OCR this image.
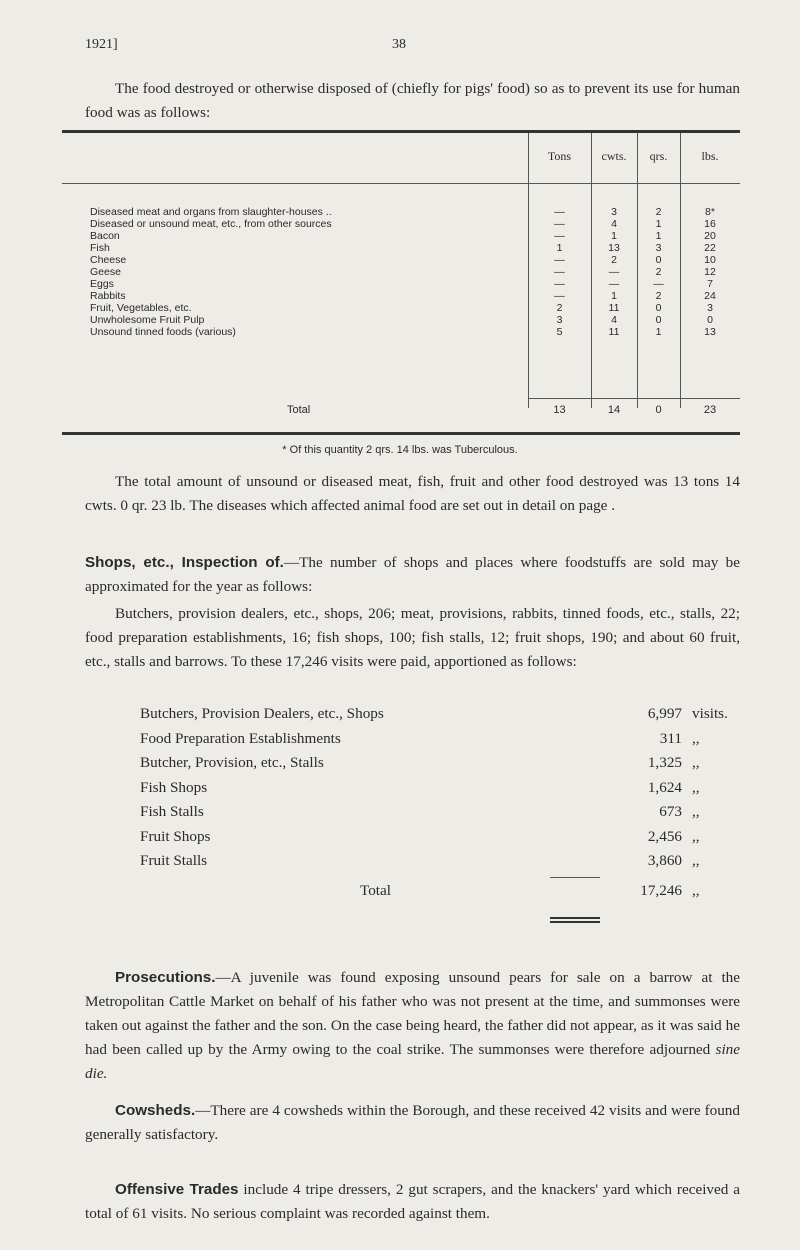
1921]	38

The food destroyed or otherwise disposed of (chiefly for pigs' food) so as to prevent its use for human food was as follows:

Tons	cwts.	qrs.	lbs.
Diseased meat and organs from slaughter-houses ..	—	3	2	8*
Diseased or unsound meat, etc., from other sources	—	4	1	16
Bacon	—	1	1	20
Fish	1	13	3	22
Cheese	—	2	0	10
Geese	—	—	2	12
Eggs	—	—	—	7
Rabbits	—	1	2	24
Fruit, Vegetables, etc.	2	11	0	3
Unwholesome Fruit Pulp	3	4	0	0
Unsound tinned foods (various)	5	11	1	13
Total	13	14	0	23
* Of this quantity 2 qrs. 14 lbs. was Tuberculous.

The total amount of unsound or diseased meat, fish, fruit and other food destroyed was 13 tons 14 cwts. 0 qr. 23 lb. The diseases which affected animal food are set out in detail on page .

Shops, etc., Inspection of.—The number of shops and places where foodstuffs are sold may be approximated for the year as follows:

Butchers, provision dealers, etc., shops, 206; meat, provisions, rabbits, tinned foods, etc., stalls, 22; food preparation establishments, 16; fish shops, 100; fish stalls, 12; fruit shops, 190; and about 60 fruit, etc., stalls and barrows. To these 17,246 visits were paid, apportioned as follows:

Butchers, Provision Dealers, etc., Shops	6,997 visits.
Food Preparation Establishments	311 ,,
Butcher, Provision, etc., Stalls	1,325 ,,
Fish Shops	1,624 ,,
Fish Stalls	673 ,,
Fruit Shops	2,456 ,,
Fruit Stalls	3,860 ,,
Total	17,246 ,,

Prosecutions.—A juvenile was found exposing unsound pears for sale on a barrow at the Metropolitan Cattle Market on behalf of his father who was not present at the time, and summonses were taken out against the father and the son. On the case being heard, the father did not appear, as it was said he had been called up by the Army owing to the coal strike. The summonses were therefore adjourned sine die.

Cowsheds.—There are 4 cowsheds within the Borough, and these received 42 visits and were found generally satisfactory.

Offensive Trades include 4 tripe dressers, 2 gut scrapers, and the knackers' yard which received a total of 61 visits. No serious complaint was recorded against them.
